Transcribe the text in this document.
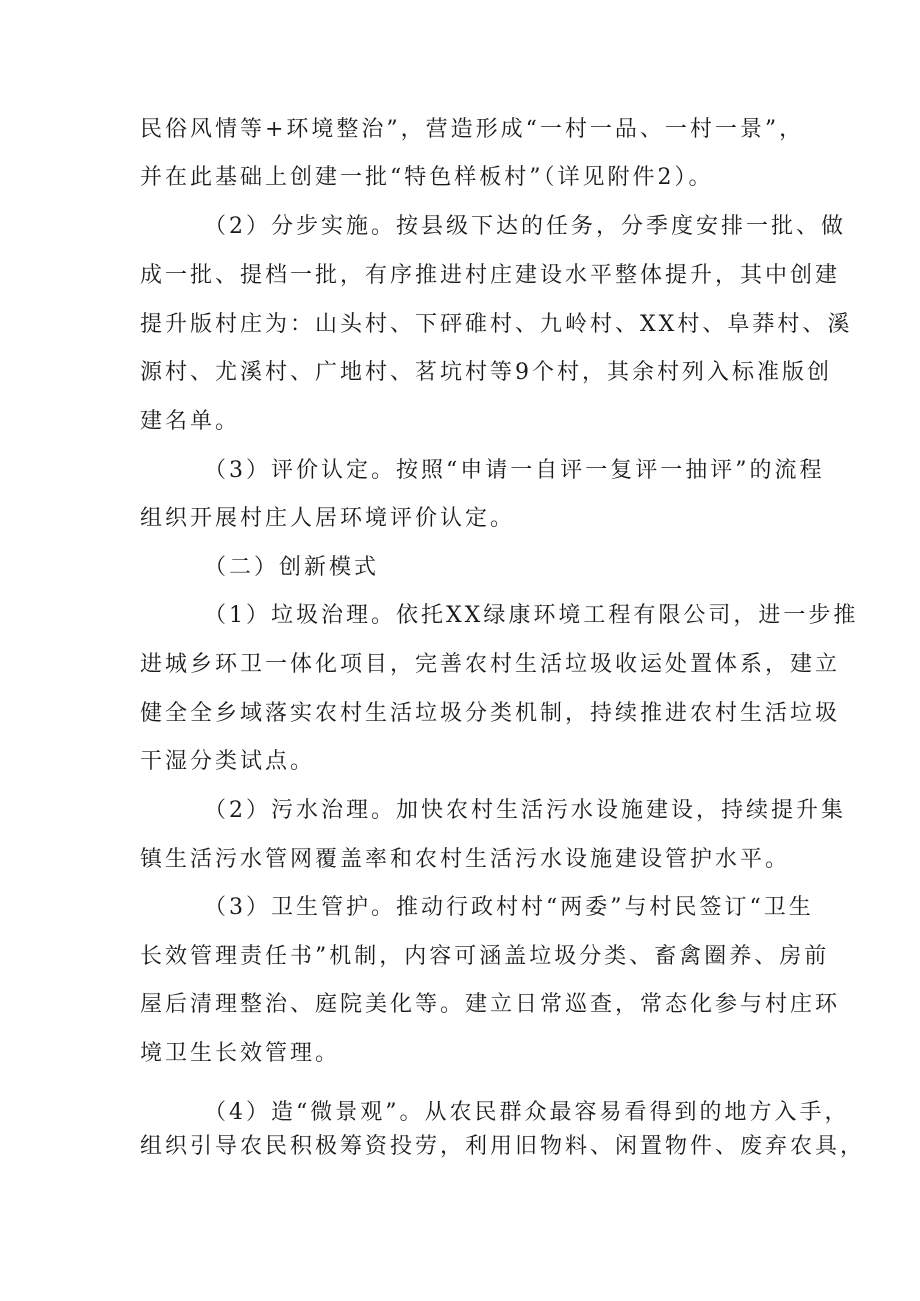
民俗风情等+环境整治”，营造形成“一村一品、一村一景”，
并在此基础上创建一批“特色样板村”（详见附件2）。
（2）分步实施。按县级下达的任务，分季度安排一批、做
成一批、提档一批，有序推进村庄建设水平整体提升，其中创建
提升版村庄为：山头村、下砰碓村、九岭村、XX村、阜莽村、溪
源村、尤溪村、广地村、茗坑村等9个村，其余村列入标准版创
建名单。
（3）评价认定。按照“申请一自评一复评一抽评”的流程
组织开展村庄人居环境评价认定。
（二）创新模式
（1）垃圾治理。依托XX绿康环境工程有限公司，进一步推
进城乡环卫一体化项目，完善农村生活垃圾收运处置体系，建立
健全全乡域落实农村生活垃圾分类机制，持续推进农村生活垃圾
干湿分类试点。
（2）污水治理。加快农村生活污水设施建设，持续提升集
镇生活污水管网覆盖率和农村生活污水设施建设管护水平。
（3）卫生管护。推动行政村村“两委”与村民签订“卫生
长效管理责任书”机制，内容可涵盖垃圾分类、畜禽圈养、房前
屋后清理整治、庭院美化等。建立日常巡查，常态化参与村庄环
境卫生长效管理。
（4）造“微景观”。从农民群众最容易看得到的地方入手，
组织引导农民积极筹资投劳，利用旧物料、闲置物件、废弃农具，
